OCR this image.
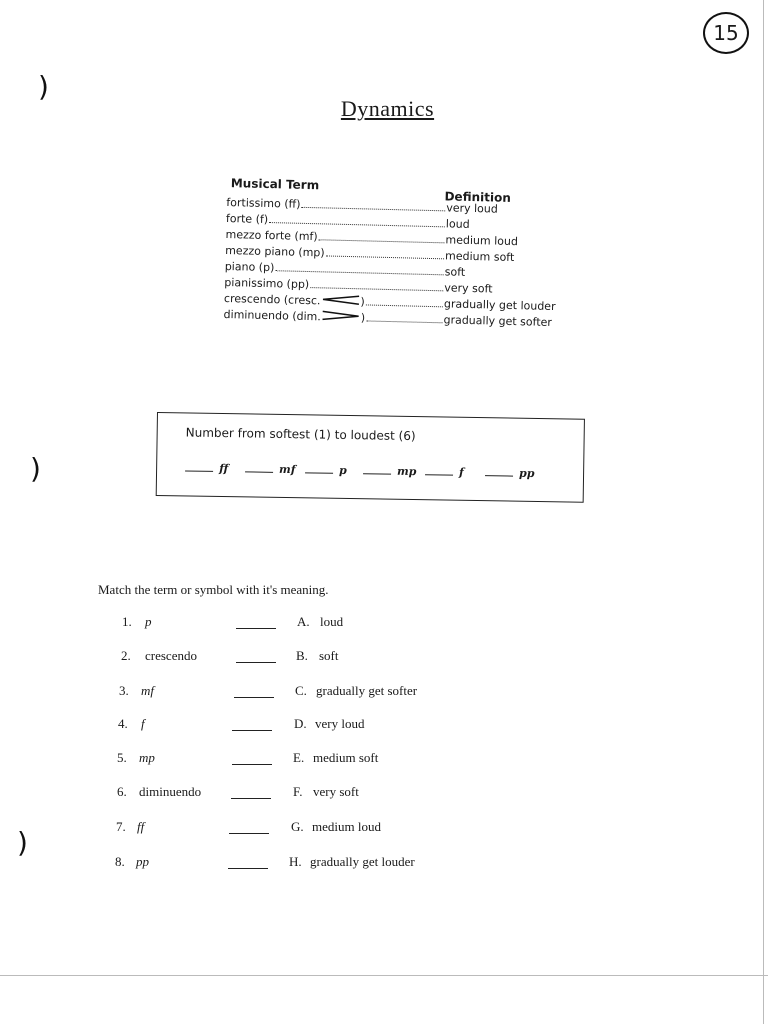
15
)
)
)
Dynamics
Musical Term
Definition
fortissimo (ff)	very loud
forte (f)	loud
mezzo forte (mf)	medium loud
mezzo piano (mp)	medium soft
piano (p)	soft
pianissimo (pp)	very soft
crescendo (cresc.	)	gradually get louder
diminuendo (dim.	)	gradually get softer
Number from softest (1) to loudest (6)
ff	mf	p	mp	f	pp
Match the term or symbol with it's meaning.
1. p	A. loud
2. crescendo	B. soft
3. mf	C. gradually get softer
4. f	D. very loud
5. mp	E. medium soft
6. diminuendo	F. very soft
7. ff	G. medium loud
8. pp	H. gradually get louder
